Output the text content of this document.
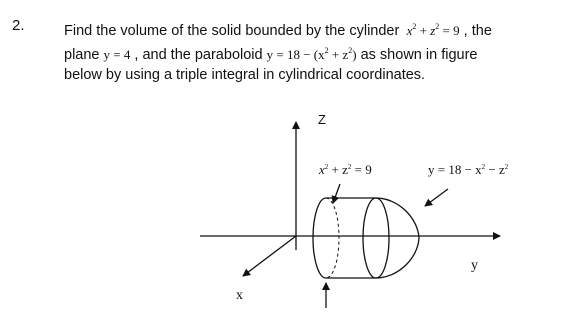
2.	Find the volume of the solid bounded by the cylinder $x^2 + z^2 = 9$ , the
plane y = 4 , and the paraboloid $y = 18 - (x^2 + z^2)$ as shown in figure
below by using a triple integral in cylindrical coordinates.
Z
x
y
$x^2 + z^2 = 9$	$y = 18 - x^2 - z^2$
